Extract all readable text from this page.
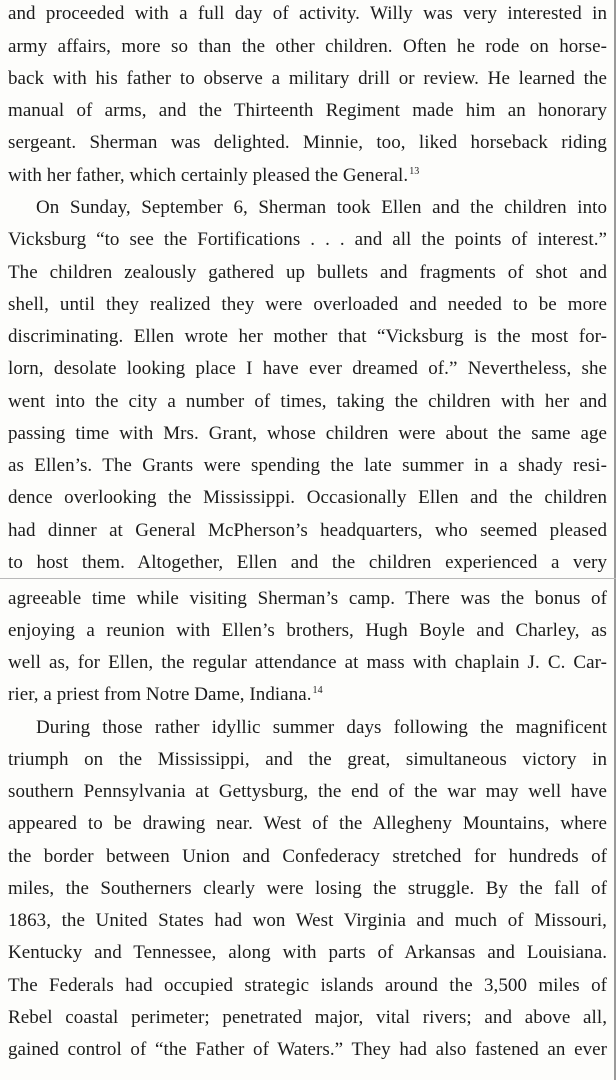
and proceeded with a full day of activity. Willy was very interested in
army affairs, more so than the other children. Often he rode on horse-
back with his father to observe a military drill or review. He learned the
manual of arms, and the Thirteenth Regiment made him an honorary
sergeant. Sherman was delighted. Minnie, too, liked horseback riding
with her father, which certainly pleased the General.$^{13}$
On Sunday, September 6, Sherman took Ellen and the children into
Vicksburg “to see the Fortifications . . . and all the points of interest.”
The children zealously gathered up bullets and fragments of shot and
shell, until they realized they were overloaded and needed to be more
discriminating. Ellen wrote her mother that “Vicksburg is the most for-
lorn, desolate looking place I have ever dreamed of.” Nevertheless, she
went into the city a number of times, taking the children with her and
passing time with Mrs. Grant, whose children were about the same age
as Ellen’s. The Grants were spending the late summer in a shady resi-
dence overlooking the Mississippi. Occasionally Ellen and the children
had dinner at General McPherson’s headquarters, who seemed pleased
to host them. Altogether, Ellen and the children experienced a very
agreeable time while visiting Sherman’s camp. There was the bonus of
enjoying a reunion with Ellen’s brothers, Hugh Boyle and Charley, as
well as, for Ellen, the regular attendance at mass with chaplain J. C. Car-
rier, a priest from Notre Dame, Indiana.$^{14}$
During those rather idyllic summer days following the magnificent
triumph on the Mississippi, and the great, simultaneous victory in
southern Pennsylvania at Gettysburg, the end of the war may well have
appeared to be drawing near. West of the Allegheny Mountains, where
the border between Union and Confederacy stretched for hundreds of
miles, the Southerners clearly were losing the struggle. By the fall of
1863, the United States had won West Virginia and much of Missouri,
Kentucky and Tennessee, along with parts of Arkansas and Louisiana.
The Federals had occupied strategic islands around the 3,500 miles of
Rebel coastal perimeter; penetrated major, vital rivers; and above all,
gained control of “the Father of Waters.” They had also fastened an ever
